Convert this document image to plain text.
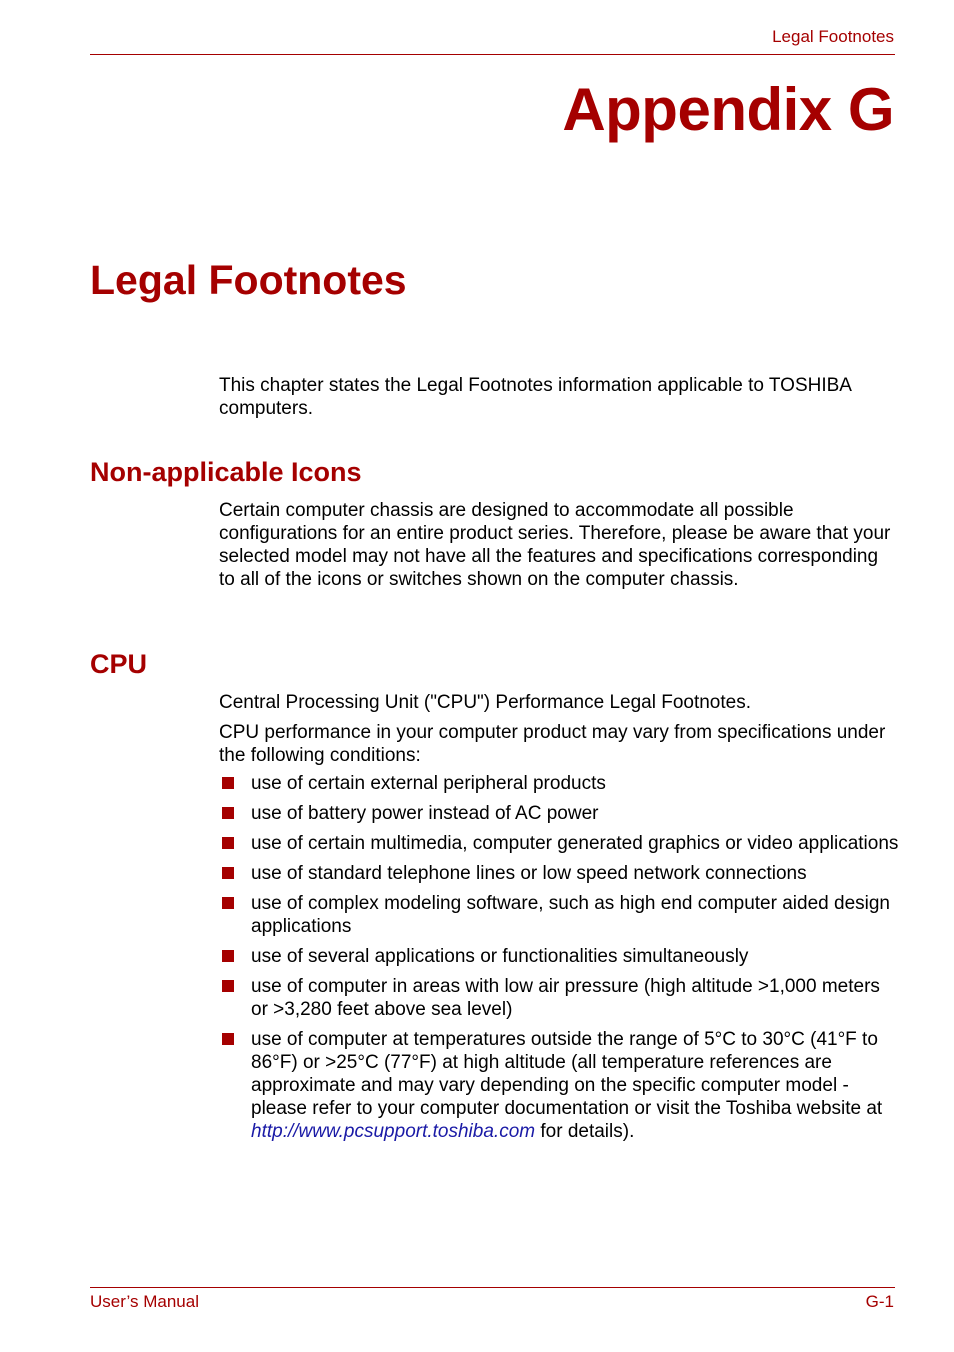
Legal Footnotes
Appendix G
Legal Footnotes

This chapter states the Legal Footnotes information applicable to TOSHIBA computers.

Non-applicable Icons

Certain computer chassis are designed to accommodate all possible configurations for an entire product series. Therefore, please be aware that your selected model may not have all the features and specifications corresponding to all of the icons or switches shown on the computer chassis.

CPU

Central Processing Unit ("CPU") Performance Legal Footnotes.

CPU performance in your computer product may vary from specifications under the following conditions:

use of certain external peripheral products
use of battery power instead of AC power
use of certain multimedia, computer generated graphics or video applications
use of standard telephone lines or low speed network connections
use of complex modeling software, such as high end computer aided design applications
use of several applications or functionalities simultaneously
use of computer in areas with low air pressure (high altitude >1,000 meters or >3,280 feet above sea level)
use of computer at temperatures outside the range of 5°C to 30°C (41°F to 86°F) or >25°C (77°F) at high altitude (all temperature references are approximate and may vary depending on the specific computer model - please refer to your computer documentation or visit the Toshiba website at http://www.pcsupport.toshiba.com for details).
User’s Manual	G-1
